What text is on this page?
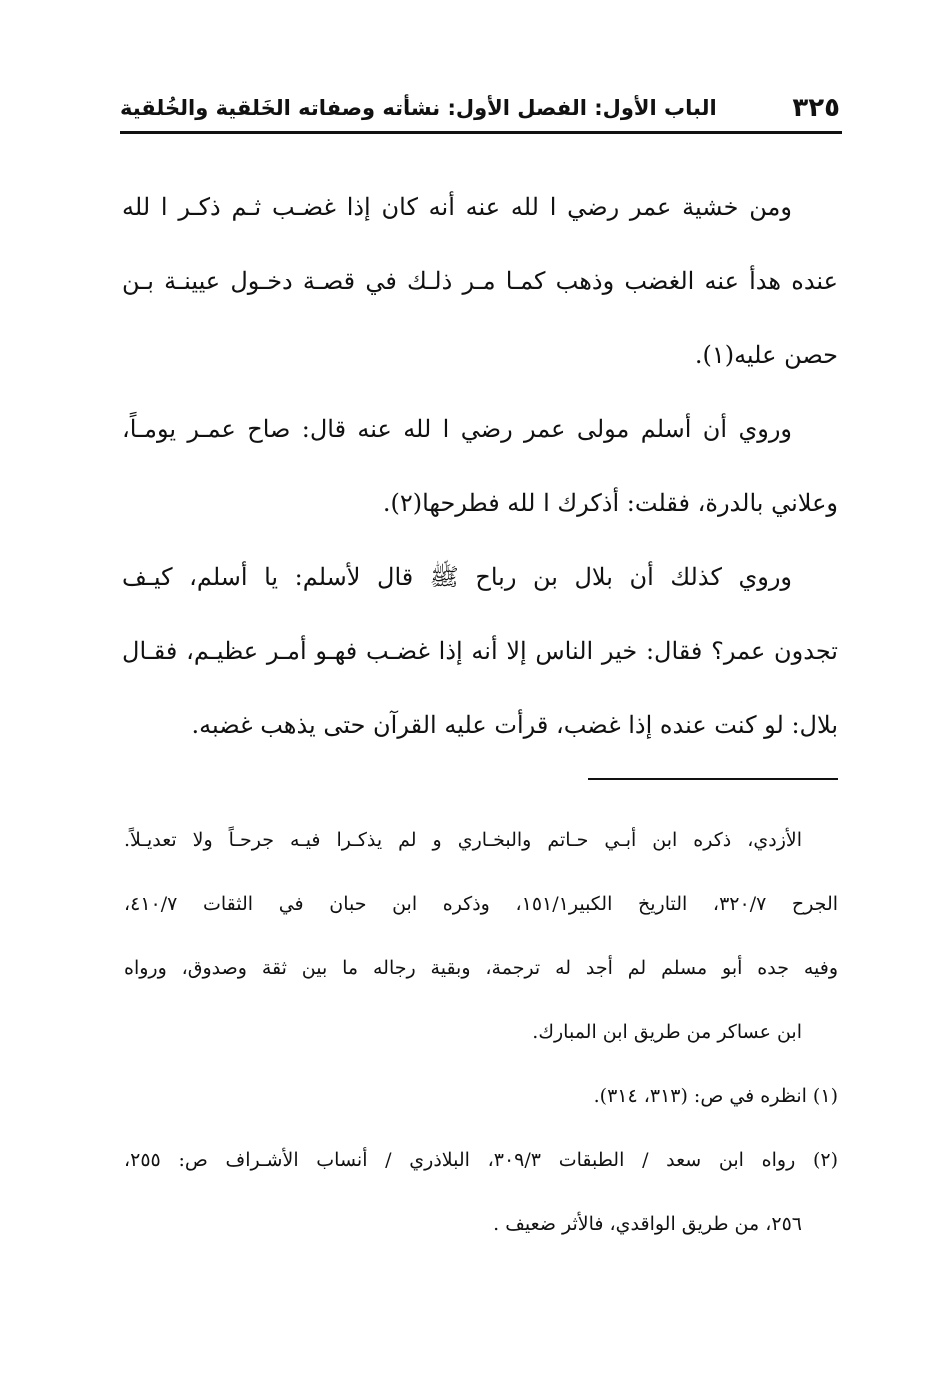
٣٢٥
الباب الأول: الفصل الأول: نشأته وصفاته الخَلقية والخُلقية

ومن خشية عمر رضي ا لله عنه أنه كان إذا غضـب ثـم ذكـر ا لله
عنده هدأ عنه الغضب وذهب كمـا مـر ذلـك في قصـة دخـول عيينـة بـن
حصن عليه(١).

وروي أن أسلم مولى عمر رضي ا لله عنه قال: صاح عمـر يومـاً،
وعلاني بالدرة، فقلت: أذكرك ا لله فطرحها(٢).

وروي كذلك أن بلال بن رباح ﷺ قال لأسلم: يا أسلم، كيـف
تجدون عمر؟ فقال: خير الناس إلا أنه إذا غضـب فهـو أمـر عظيـم، فقـال
بلال: لو كنت عنده إذا غضب، قرأت عليه القرآن حتى يذهب غضبه.

الأزدي، ذكره ابن أبـي حـاتم والبخـاري و لم يذكـرا فيـه جرحـاً ولا تعديـلاً.
الجرح ٣٢٠/٧، التاريخ الكبير١٥١/١، وذكره ابن حبان في الثقات ٤١٠/٧،
وفيه جده أبو مسلم لم أجد له ترجمة، وبقية رجاله ما بين ثقة وصدوق، ورواه
ابن عساكر من طريق ابن المبارك.
(١) انظره في ص: (٣١٣، ٣١٤).
(٢) رواه ابن سعد / الطبقات ٣٠٩/٣، البلاذري / أنساب الأشـراف ص: ٢٥٥،
٢٥٦، من طريق الواقدي، فالأثر ضعيف .
